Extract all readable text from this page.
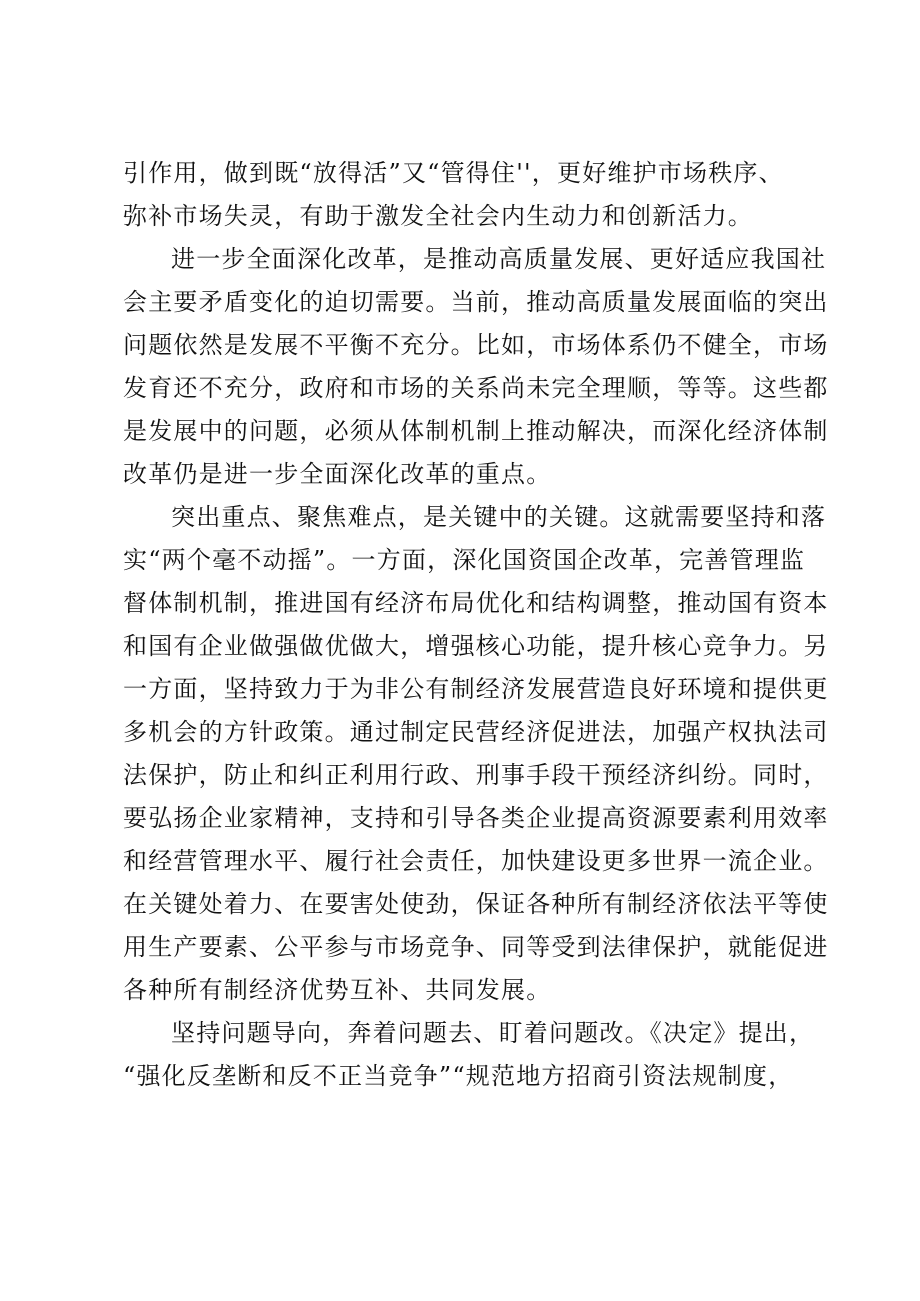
引作用，做到既“放得活”又“管得住''，更好维护市场秩序、
弥补市场失灵，有助于激发全社会内生动力和创新活力。
进一步全面深化改革，是推动高质量发展、更好适应我国社
会主要矛盾变化的迫切需要。当前，推动高质量发展面临的突出
问题依然是发展不平衡不充分。比如，市场体系仍不健全，市场
发育还不充分，政府和市场的关系尚未完全理顺，等等。这些都
是发展中的问题，必须从体制机制上推动解决，而深化经济体制
改革仍是进一步全面深化改革的重点。
突出重点、聚焦难点，是关键中的关键。这就需要坚持和落
实“两个毫不动摇”。一方面，深化国资国企改革，完善管理监
督体制机制，推进国有经济布局优化和结构调整，推动国有资本
和国有企业做强做优做大，增强核心功能，提升核心竞争力。另
一方面，坚持致力于为非公有制经济发展营造良好环境和提供更
多机会的方针政策。通过制定民营经济促进法，加强产权执法司
法保护，防止和纠正利用行政、刑事手段干预经济纠纷。同时，
要弘扬企业家精神，支持和引导各类企业提高资源要素利用效率
和经营管理水平、履行社会责任，加快建设更多世界一流企业。
在关键处着力、在要害处使劲，保证各种所有制经济依法平等使
用生产要素、公平参与市场竞争、同等受到法律保护，就能促进
各种所有制经济优势互补、共同发展。
坚持问题导向，奔着问题去、盯着问题改。《决定》提出，
“强化反垄断和反不正当竞争”“规范地方招商引资法规制度，
